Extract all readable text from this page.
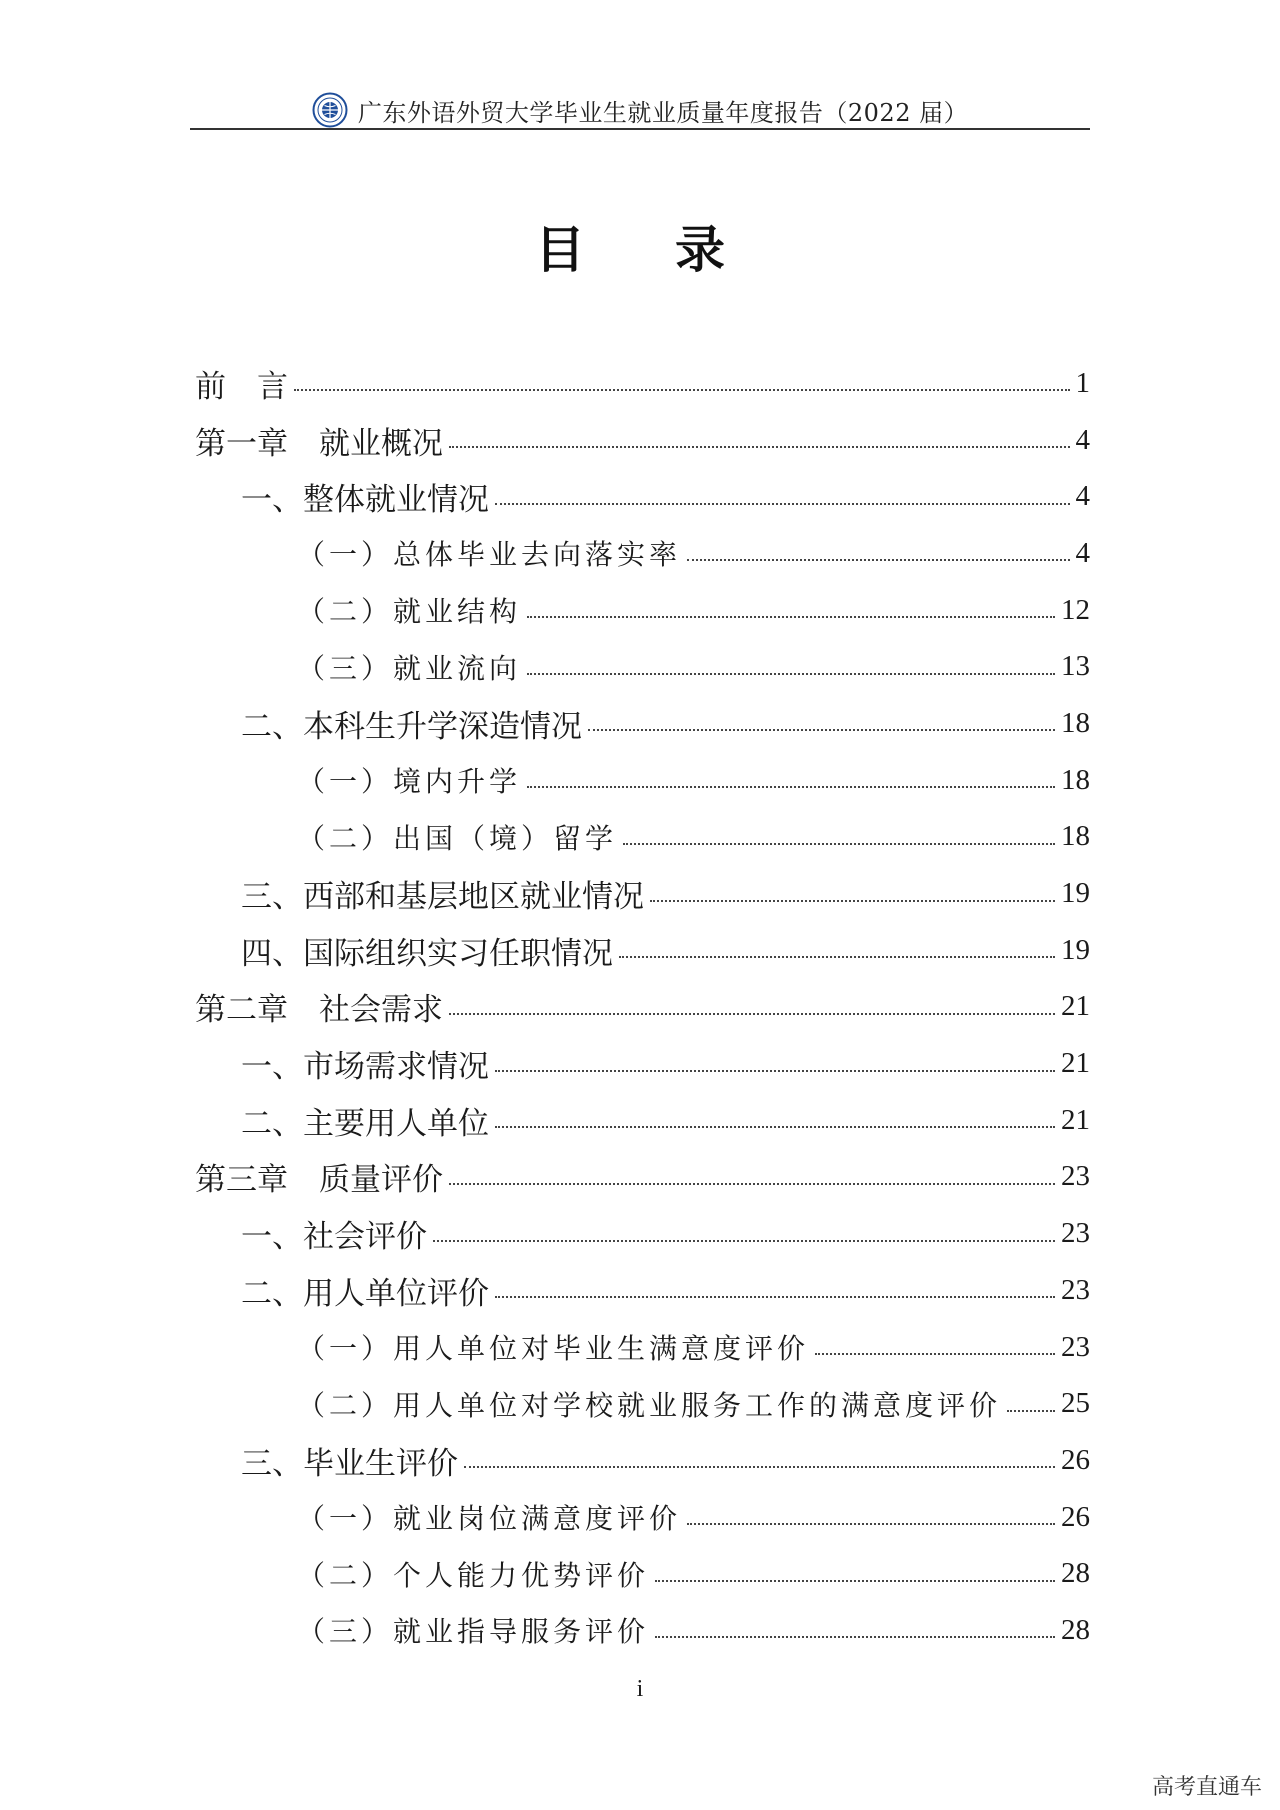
广东外语外贸大学毕业生就业质量年度报告（2022 届）
目　录
前　言	1
第一章　就业概况	4
一、整体就业情况	4
（一）总体毕业去向落实率	4
（二）就业结构	12
（三）就业流向	13
二、本科生升学深造情况	18
（一）境内升学	18
（二）出国（境）留学	18
三、西部和基层地区就业情况	19
四、国际组织实习任职情况	19
第二章　社会需求	21
一、市场需求情况	21
二、主要用人单位	21
第三章　质量评价	23
一、社会评价	23
二、用人单位评价	23
（一）用人单位对毕业生满意度评价	23
（二）用人单位对学校就业服务工作的满意度评价 25
三、毕业生评价	26
（一）就业岗位满意度评价	26
（二）个人能力优势评价	28
（三）就业指导服务评价	28
i
高考直通车
